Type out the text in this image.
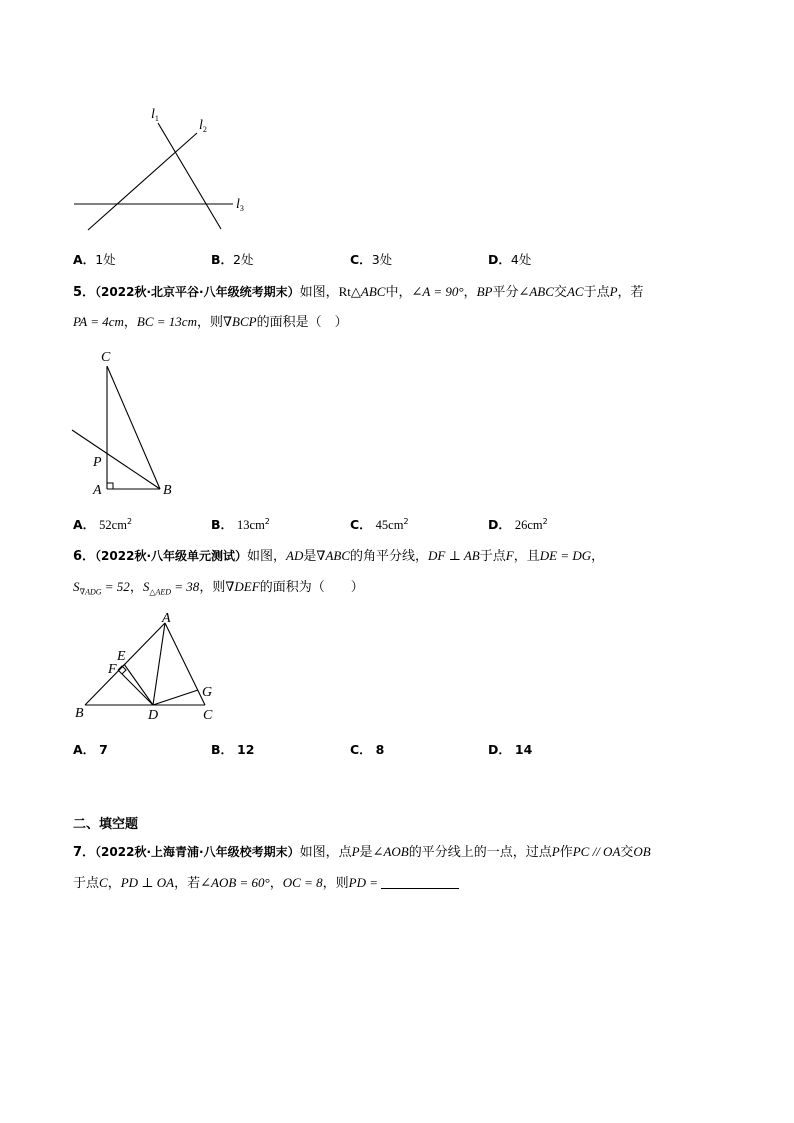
$l_1$	$l_2$
$l_3$
A．1处	B．2处	C．3处	D．4处
5．（2022秋·北京平谷·八年级统考期末）如图，Rt△ABC中，∠A = 90°，BP平分∠ABC交AC于点P，若
PA = 4cm，BC = 13cm，则∇BCP的面积是（　）
C
P
A	B
A． $52cm^2$	B． $13cm^2$	C． $45cm^2$	D． $26cm^2$
6．（2022秋·八年级单元测试）如图，AD是∇ABC的角平分线，DF ⊥ AB于点F，且DE = DG，
$S_{\nabla ADG} = 52$，$S_{\triangle AED} = 38$，则∇DEF的面积为（　　）
A
E
F
G
B	D	C
A． 7	B． 12	C． 8	D． 14
二、填空题
7．（2022秋·上海青浦·八年级校考期末）如图，点P是∠AOB的平分线上的一点，过点P作PC // OA交OB
于点C，PD ⊥ OA，若∠AOB = 60°，OC = 8，则PD =
